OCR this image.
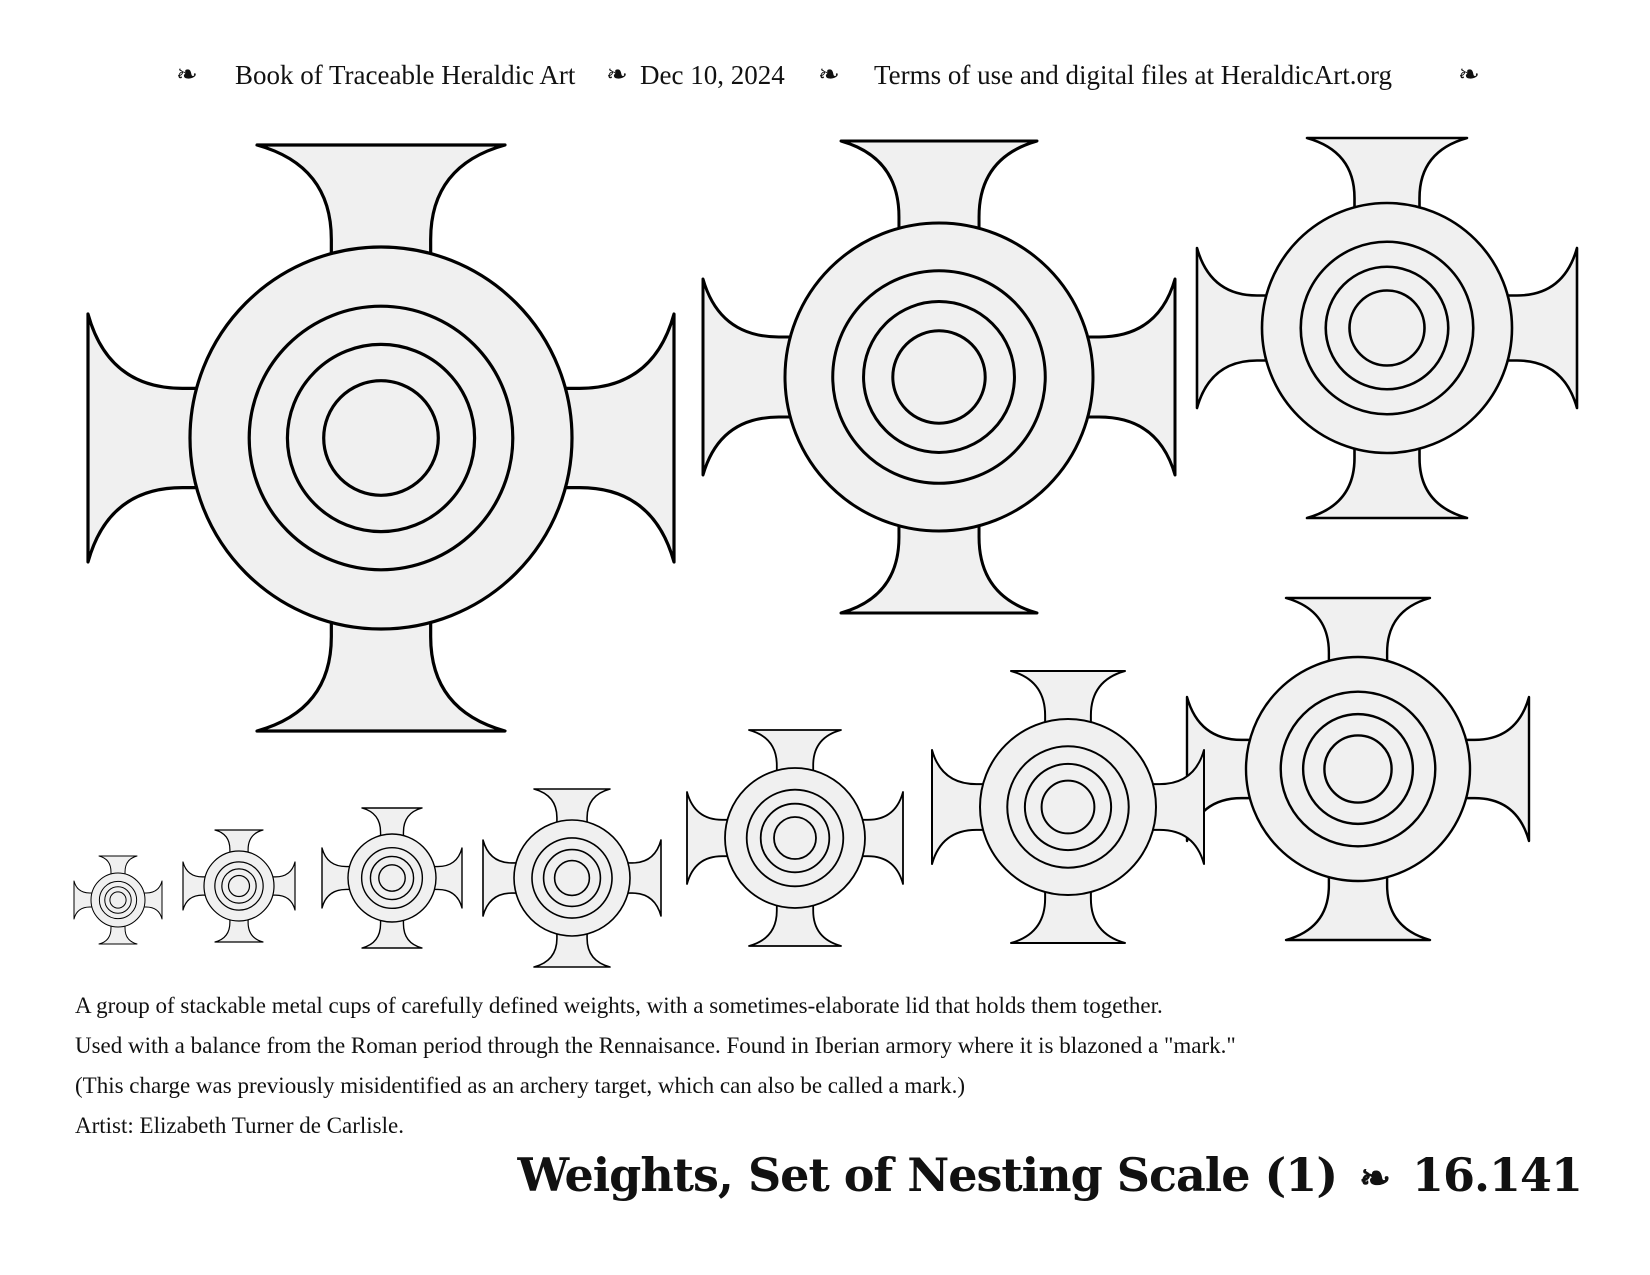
❧ Book of Traceable Heraldic Art ❧ Dec 10, 2024 ❧ Terms of use and digital files at HeraldicArt.org	❧
A group of stackable metal cups of carefully defined weights, with a sometimes-elaborate lid that holds them together.
Used with a balance from the Roman period through the Rennaisance. Found in Iberian armory where it is blazoned a "mark."
(This charge was previously misidentified as an archery target, which can also be called a mark.)
Artist: Elizabeth Turner de Carlisle.
Weights, Set of Nesting Scale (1) ❧ 16.141
